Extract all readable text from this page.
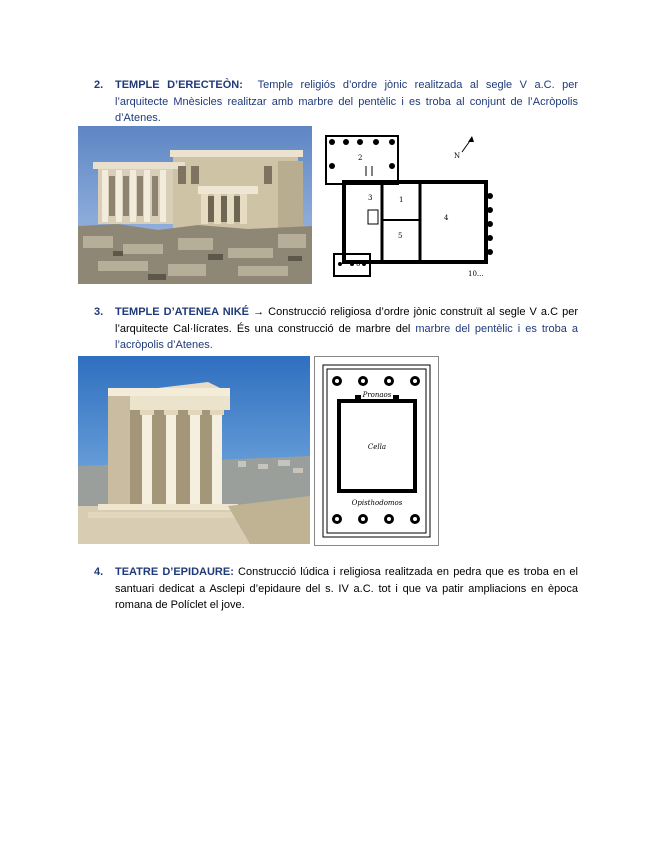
2. TEMPLE D’ERECTEÒN: Temple religiós d’ordre jònic realitzada al segle V a.C. per l’arquitecte Mnèsicles realitzar amb marbre del pentèlic i es troba al conjunt de l’Acròpolis d’Atenes.
2
3	1
4
5
6
N
10...
3. TEMPLE D’ATENEA NIKÉ → Construcció religiosa d’ordre jònic construït al segle V a.C per l’arquitecte Cal·lícrates. És una construcció de marbre del marbre del pentèlic i es troba a l’acròpolis d’Atenes.
Pronaos
Cella
Opisthodomos
4. TEATRE D’EPIDAURE: Construcció lúdica i religiosa realitzada en pedra que es troba en el santuari dedicat a Asclepi d’epidaure del s. IV a.C. tot i que va patir ampliacions en època romana de Políclet el jove.
